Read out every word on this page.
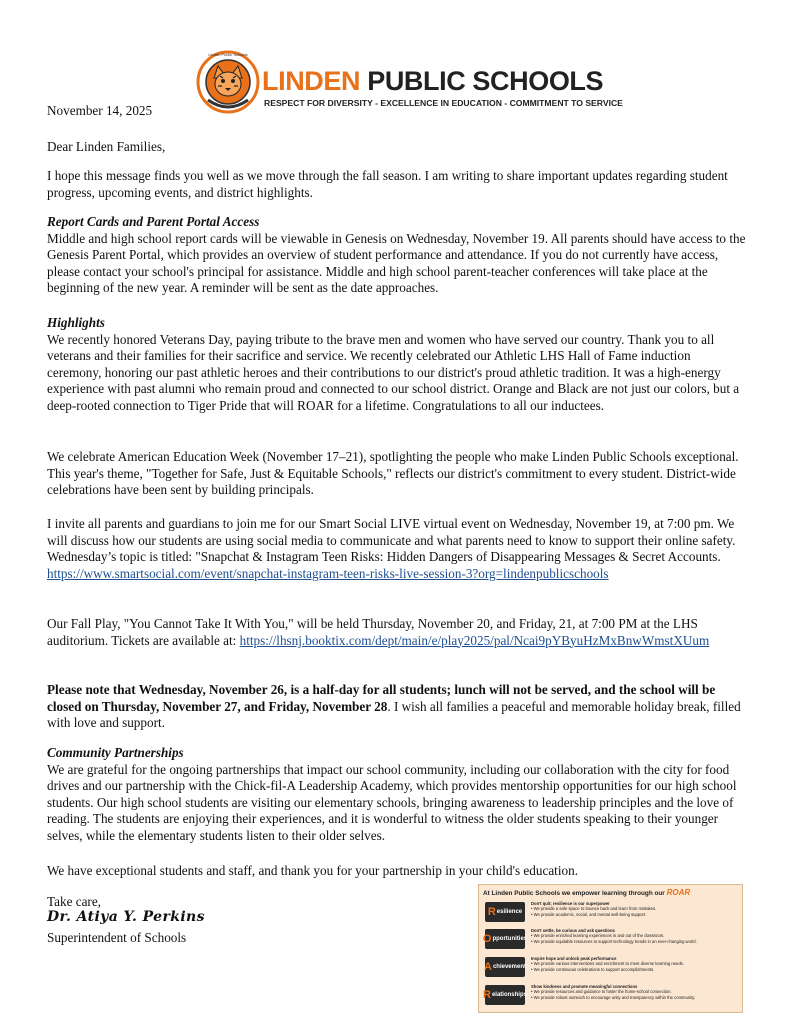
Linden Public Schools
LINDEN PUBLIC SCHOOLS
RESPECT FOR DIVERSITY - EXCELLENCE IN EDUCATION - COMMITMENT TO SERVICE

November 14, 2025

Dear Linden Families,

I hope this message finds you well as we move through the fall season. I am writing to share important updates regarding student progress, upcoming events, and district highlights.

Report Cards and Parent Portal Access
Middle and high school report cards will be viewable in Genesis on Wednesday, November 19. All parents should have access to the Genesis Parent Portal, which provides an overview of student performance and attendance. If you do not currently have access, please contact your school's principal for assistance. Middle and high school parent-teacher conferences will take place at the beginning of the new year. A reminder will be sent as the date approaches.

Highlights
We recently honored Veterans Day, paying tribute to the brave men and women who have served our country. Thank you to all veterans and their families for their sacrifice and service. We recently celebrated our Athletic LHS Hall of Fame induction ceremony, honoring our past athletic heroes and their contributions to our district's proud athletic tradition. It was a high-energy experience with past alumni who remain proud and connected to our school district. Orange and Black are not just our colors, but a deep-rooted connection to Tiger Pride that will ROAR for a lifetime. Congratulations to all our inductees.

We celebrate American Education Week (November 17–21), spotlighting the people who make Linden Public Schools exceptional. This year's theme, "Together for Safe, Just & Equitable Schools," reflects our district's commitment to every student. District-wide celebrations have been sent by building principals.

I invite all parents and guardians to join me for our Smart Social LIVE virtual event on Wednesday, November 19, at 7:00 pm. We will discuss how our students are using social media to communicate and what parents need to know to support their online safety. Wednesday’s topic is titled: "Snapchat & Instagram Teen Risks: Hidden Dangers of Disappearing Messages & Secret Accounts. https://www.smartsocial.com/event/snapchat-instagram-teen-risks-live-session-3?org=lindenpublicschools

Our Fall Play, "You Cannot Take It With You," will be held Thursday, November 20, and Friday, 21, at 7:00 PM at the LHS auditorium. Tickets are available at: https://lhsnj.booktix.com/dept/main/e/play2025/pal/Ncai9pYByuHzMxBnwWmstXUum

Please note that Wednesday, November 26, is a half-day for all students; lunch will not be served, and the school will be closed on Thursday, November 27, and Friday, November 28. I wish all families a peaceful and memorable holiday break, filled with love and support.

Community Partnerships
We are grateful for the ongoing partnerships that impact our school community, including our collaboration with the city for food drives and our partnership with the Chick-fil-A Leadership Academy, which provides mentorship opportunities for our high school students. Our high school students are visiting our elementary schools, bringing awareness to leadership principles and the love of reading. The students are enjoying their experiences, and it is wonderful to witness the older students speaking to their younger selves, while the elementary students listen to their older selves.

We have exceptional students and staff, and thank you for your partnership in your child's education.

Take care,

Dr. Atiya Y. Perkins

Superintendent of Schools

At Linden Public Schools we empower learning through our ROAR
R esilience
Don't quit; resilience is our superpower
• We provide a safe space to bounce back and learn from mistakes.
• We provide academic, social, and mental well-being support.
O pportunities
Don't settle, be curious and ask questions
• We provide enriched learning experiences in and out of the classroom.
• We provide equitable resources to support technology trends in an ever-changing world.
A chievement
Inspire hope and unlock peak performance
• We provide various interventions and enrichment to meet diverse learning needs.
• We provide continuous celebrations to support accomplishments.
R elationships
Show kindness and promote meaningful connections
• We provide resources and guidance to foster the home-school connection.
• We provide robust outreach to encourage unity and transparency within the community.
